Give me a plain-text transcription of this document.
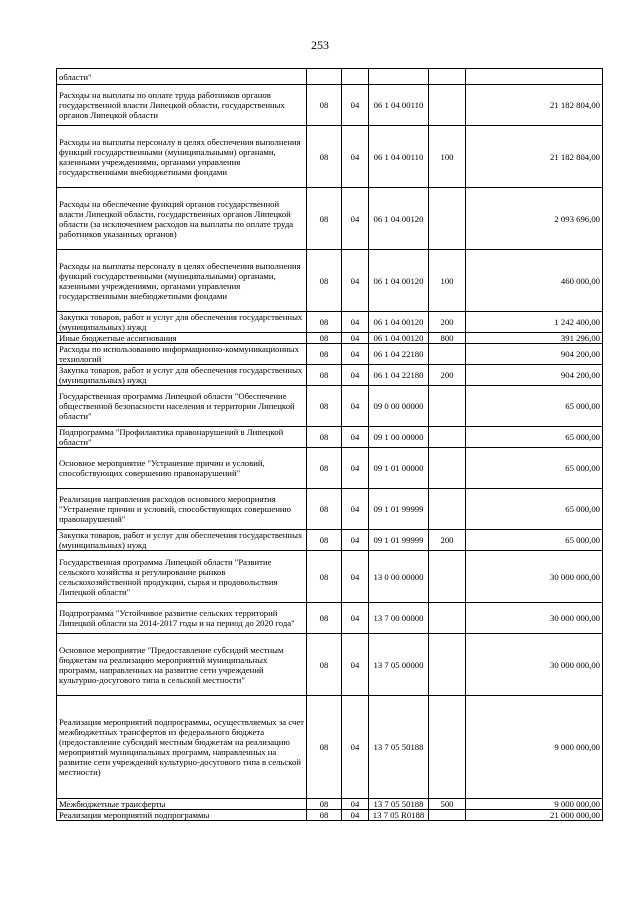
253
области"					
Расходы на выплаты по оплате труда работников органов государственной власти Липецкой области, государственных органов Липецкой области	08	04	06 1 04 00110		21 182 804,00
Расходы на выплаты персоналу в целях обеспечения выполнения функций государственными (муниципальными) органами, казенными учреждениями, органами управления государственными внебюджетными фондами	08	04	06 1 04 00110	100	21 182 804,00
Расходы на обеспечение функций органов государственной власти Липецкой области, государственных органов Липецкой области (за исключением расходов на выплаты по оплате труда работников указанных органов)	08	04	06 1 04 00120		2 093 696,00
Расходы на выплаты персоналу в целях обеспечения выполнения функций государственными (муниципальными) органами, казенными учреждениями, органами управления государственными внебюджетными фондами	08	04	06 1 04 00120	100	460 000,00
Закупка товаров, работ и услуг для обеспечения государственных (муниципальных) нужд	08	04	06 1 04 00120	200	1 242 400,00
Иные бюджетные ассигнования	08	04	06 1 04 00120	800	391 296,00
Расходы по использованию информационно-коммуникационных технологий	08	04	06 1 04 22180		904 200,00
Закупка товаров, работ и услуг для обеспечения государственных (муниципальных) нужд	08	04	06 1 04 22180	200	904 200,00
Государственная программа Липецкой области "Обеспечение общественной безопасности населения и территории Липецкой области"	08	04	09 0 00 00000		65 000,00
Подпрограмма "Профилактика правонарушений в Липецкой области"	08	04	09 1 00 00000		65 000,00
Основное мероприятие "Устранение причин и условий, способствующих совершению правонарушений"	08	04	09 1 01 00000		65 000,00
Реализация направления расходов основного мероприятия "Устранение причин и условий, способствующих совершению правонарушений"	08	04	09 1 01 99999		65 000,00
Закупка товаров, работ и услуг для обеспечения государственных (муниципальных) нужд	08	04	09 1 01 99999	200	65 000,00
Государственная программа Липецкой области "Развитие сельского хозяйства и регулирование рынков сельскохозяйственной продукции, сырья и продовольствия Липецкой области"	08	04	13 0 00 00000		30 000 000,00
Подпрограмма "Устойчивое развитие сельских территорий Липецкой области на 2014-2017 годы и на период до 2020 года"	08	04	13 7 00 00000		30 000 000,00
Основное мероприятие "Предоставление субсидий местным бюджетам на реализацию мероприятий муниципальных программ, направленных на развитие сети учреждений культурно-досугового типа в сельской местности"	08	04	13 7 05 00000		30 000 000,00
Реализация мероприятий подпрограммы, осуществляемых за счет межбюджетных трансфертов из федерального бюджета (предоставление субсидий местным бюджетам на реализацию мероприятий муниципальных программ, направленных на развитие сети учреждений культурно-досугового типа в сельской местности)	08	04	13 7 05 50188		9 000 000,00
Межбюджетные трансферты	08	04	13 7 05 50188	500	9 000 000,00
Реализация мероприятий подпрограммы	08	04	13 7 05 R0188		21 000 000,00
